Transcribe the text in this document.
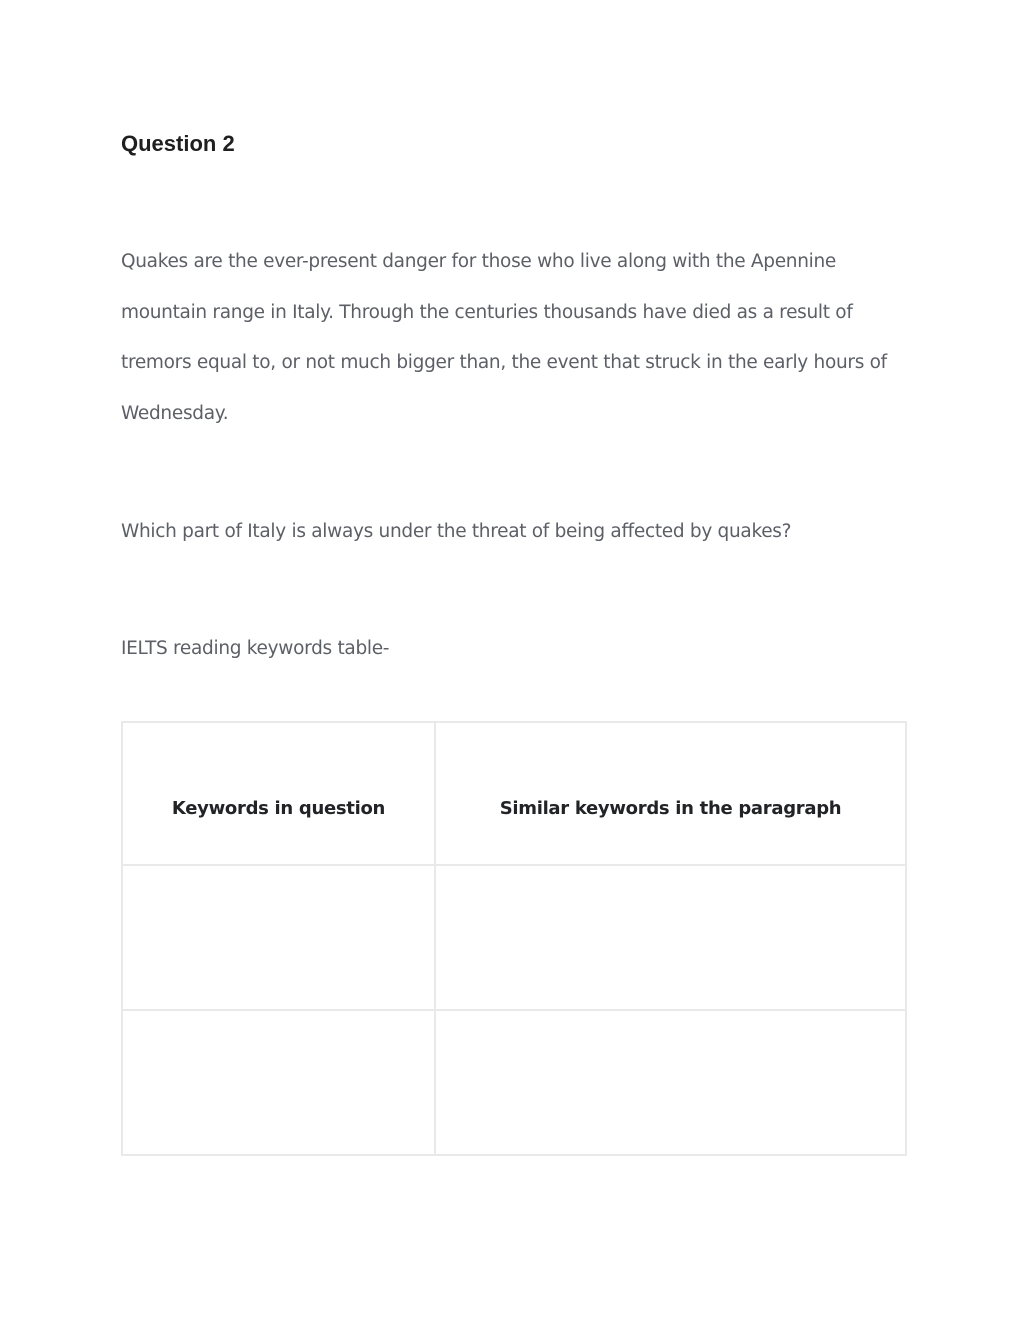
Question 2

Quakes are the ever-present danger for those who live along with the Apennine
mountain range in Italy. Through the centuries thousands have died as a result of
tremors equal to, or not much bigger than, the event that struck in the early hours of
Wednesday.

Which part of Italy is always under the threat of being affected by quakes?

IELTS reading keywords table-

Keywords in question	Similar keywords in the paragraph
